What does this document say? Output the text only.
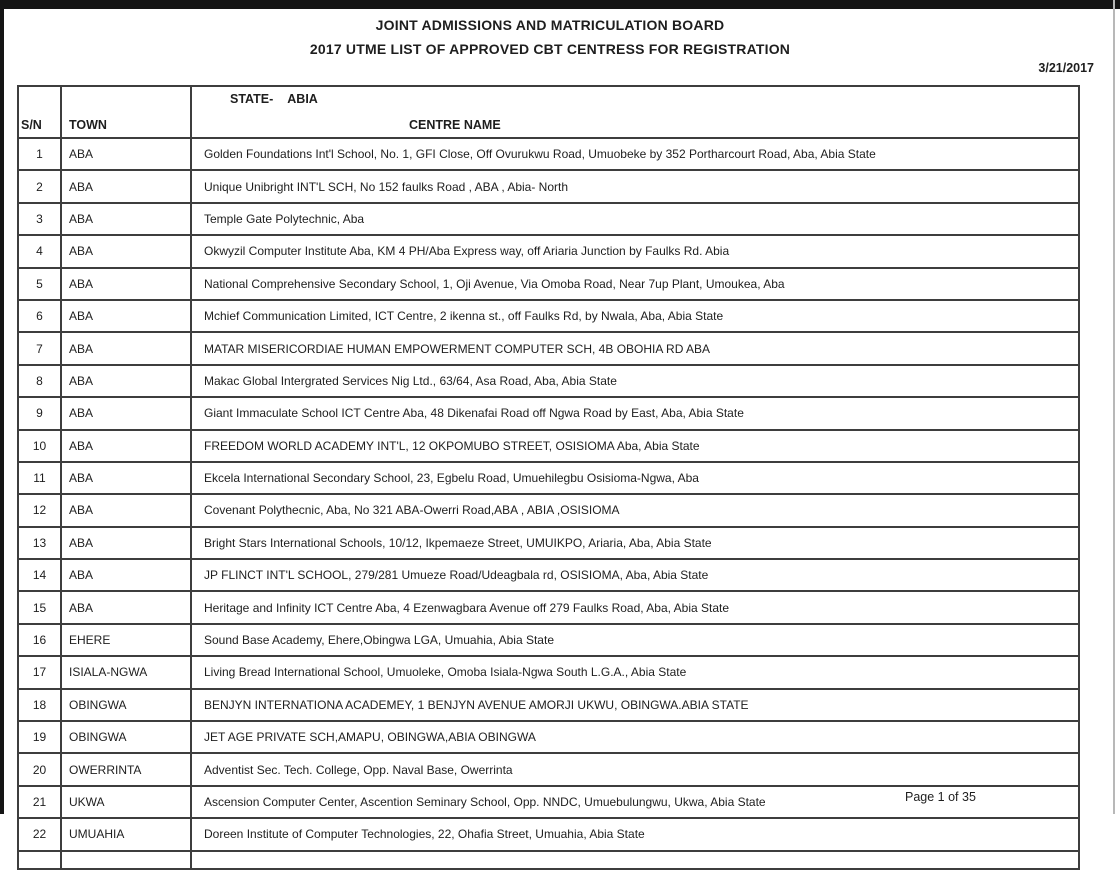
JOINT ADMISSIONS AND MATRICULATION BOARD
2017 UTME LIST OF APPROVED CBT CENTRESS FOR REGISTRATION
3/21/2017
S/N	TOWN	STATE- ABIA
CENTRE NAME

1	ABA	Golden Foundations Int'l School, No. 1, GFI Close, Off Ovurukwu Road, Umuobeke by 352 Portharcourt Road, Aba, Abia State
2	ABA	Unique Unibright INT'L SCH, No 152 faulks Road , ABA , Abia- North
3	ABA	Temple Gate Polytechnic, Aba
4	ABA	Okwyzil Computer Institute Aba, KM 4 PH/Aba Express way, off Ariaria Junction by Faulks Rd. Abia
5	ABA	National Comprehensive Secondary School, 1, Oji Avenue, Via Omoba Road, Near 7up Plant, Umoukea, Aba
6	ABA	Mchief Communication Limited, ICT Centre, 2 ikenna st., off Faulks Rd, by Nwala, Aba, Abia State
7	ABA	MATAR MISERICORDIAE HUMAN EMPOWERMENT COMPUTER SCH, 4B OBOHIA RD ABA
8	ABA	Makac Global Intergrated Services Nig Ltd., 63/64, Asa Road, Aba, Abia State
9	ABA	Giant Immaculate School ICT Centre Aba, 48 Dikenafai Road off Ngwa Road by East, Aba, Abia State
10	ABA	FREEDOM WORLD ACADEMY INT'L, 12 OKPOMUBO STREET, OSISIOMA Aba, Abia State
11	ABA	Ekcela International Secondary School, 23, Egbelu Road, Umuehilegbu Osisioma-Ngwa, Aba
12	ABA	Covenant Polythecnic, Aba, No 321 ABA-Owerri Road,ABA , ABIA ,OSISIOMA
13	ABA	Bright Stars International Schools, 10/12, Ikpemaeze Street, UMUIKPO, Ariaria, Aba, Abia State
14	ABA	JP FLINCT INT'L SCHOOL, 279/281 Umueze Road/Udeagbala rd, OSISIOMA, Aba, Abia State
15	ABA	Heritage and Infinity ICT Centre Aba, 4 Ezenwagbara Avenue off 279 Faulks Road, Aba, Abia State
16	EHERE	Sound Base Academy, Ehere,Obingwa LGA, Umuahia, Abia State
17	ISIALA-NGWA	Living Bread International School, Umuoleke, Omoba Isiala-Ngwa South L.G.A., Abia State
18	OBINGWA	BENJYN INTERNATIONA ACADEMEY, 1 BENJYN AVENUE AMORJI UKWU, OBINGWA.ABIA STATE
19	OBINGWA	JET AGE PRIVATE SCH,AMAPU, OBINGWA,ABIA OBINGWA
20	OWERRINTA	Adventist Sec. Tech. College, Opp. Naval Base, Owerrinta
21	UKWA	Ascension Computer Center, Ascention Seminary School, Opp. NNDC, Umuebulungwu, Ukwa, Abia State
22	UMUAHIA	Doreen Institute of Computer Technologies, 22, Ohafia Street, Umuahia, Abia State

Page 1 of 35
